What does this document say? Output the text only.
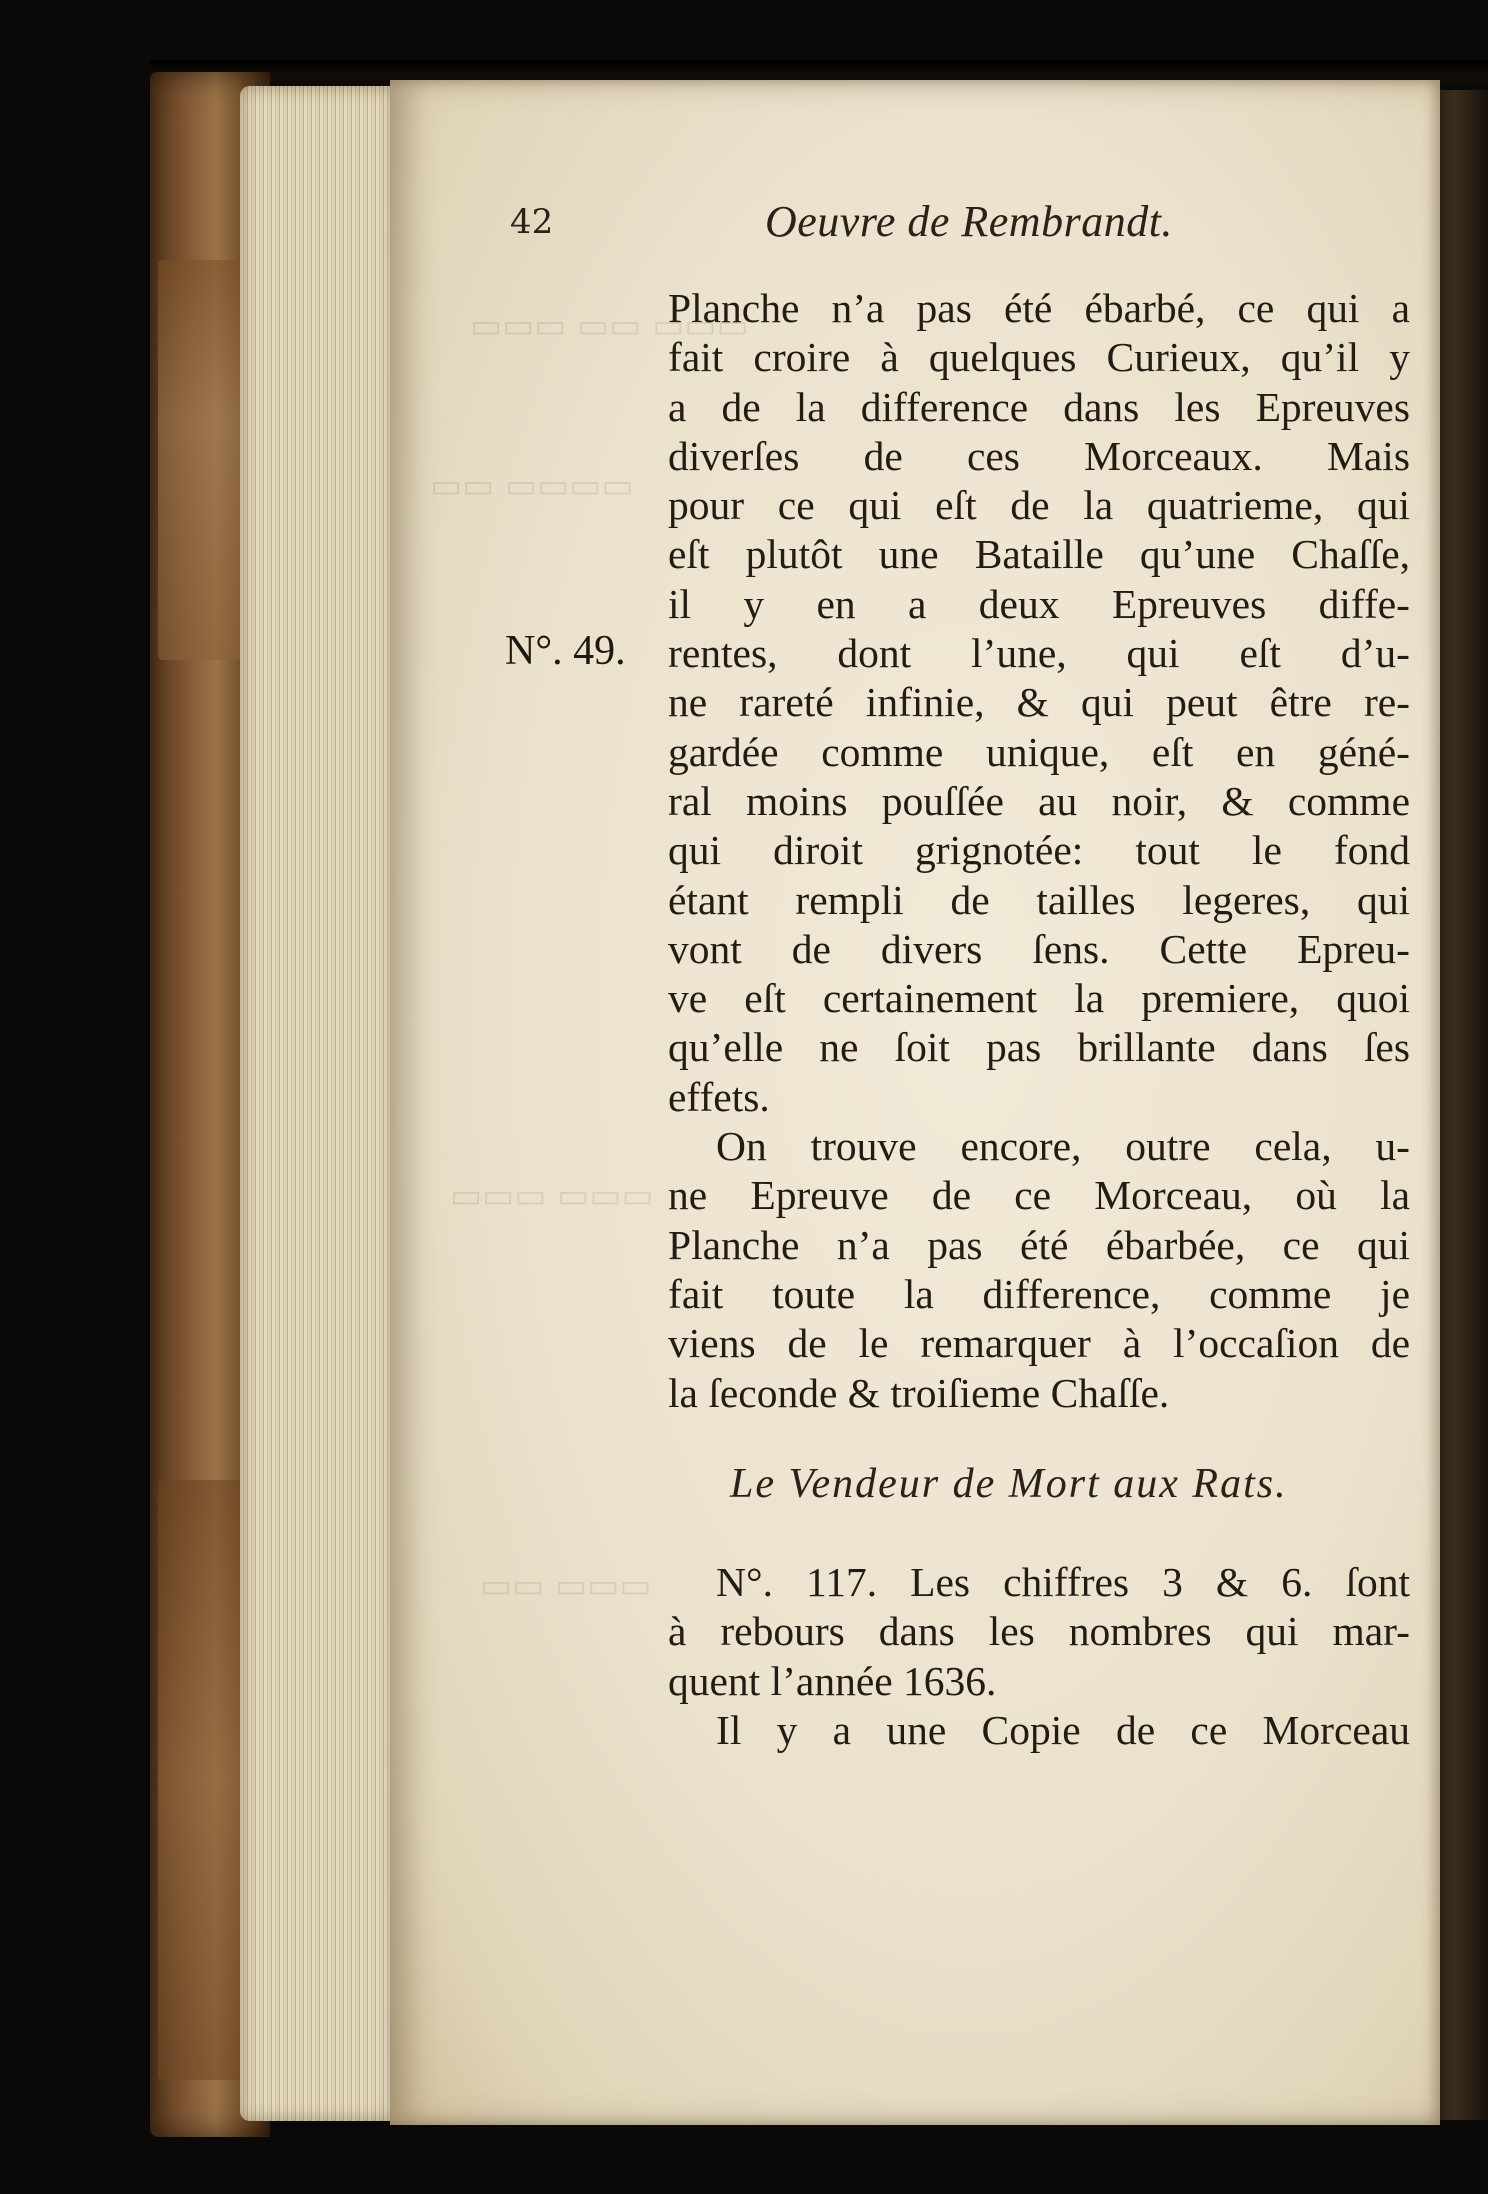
42	Oeuvre de Rembrandt.
N°. 49.
Planche n’a pas été ébarbé, ce qui a
fait croire à quelques Curieux, qu’il y
a de la difference dans les Epreuves
diverſes de ces Morceaux. Mais
pour ce qui eſt de la quatrieme, qui
eſt plutôt une Bataille qu’une Chaſſe,
il y en a deux Epreuves diffe-
rentes, dont l’une, qui eſt d’u-
ne rareté infinie, & qui peut être re-
gardée comme unique, eſt en géné-
ral moins pouſſée au noir, & comme
qui diroit grignotée: tout le fond
étant rempli de tailles legeres, qui
vont de divers ſens. Cette Epreu-
ve eſt certainement la premiere, quoi
qu’elle ne ſoit pas brillante dans ſes
effets.
On trouve encore, outre cela, u-
ne Epreuve de ce Morceau, où la
Planche n’a pas été ébarbée, ce qui
fait toute la difference, comme je
viens de le remarquer à l’occaſion de
la ſeconde & troiſieme Chaſſe.
Le Vendeur de Mort aux Rats.
N°. 117. Les chiffres 3 & 6. ſont
à rebours dans les nombres qui mar-
quent l’année 1636.
Il y a une Copie de ce Morceau
